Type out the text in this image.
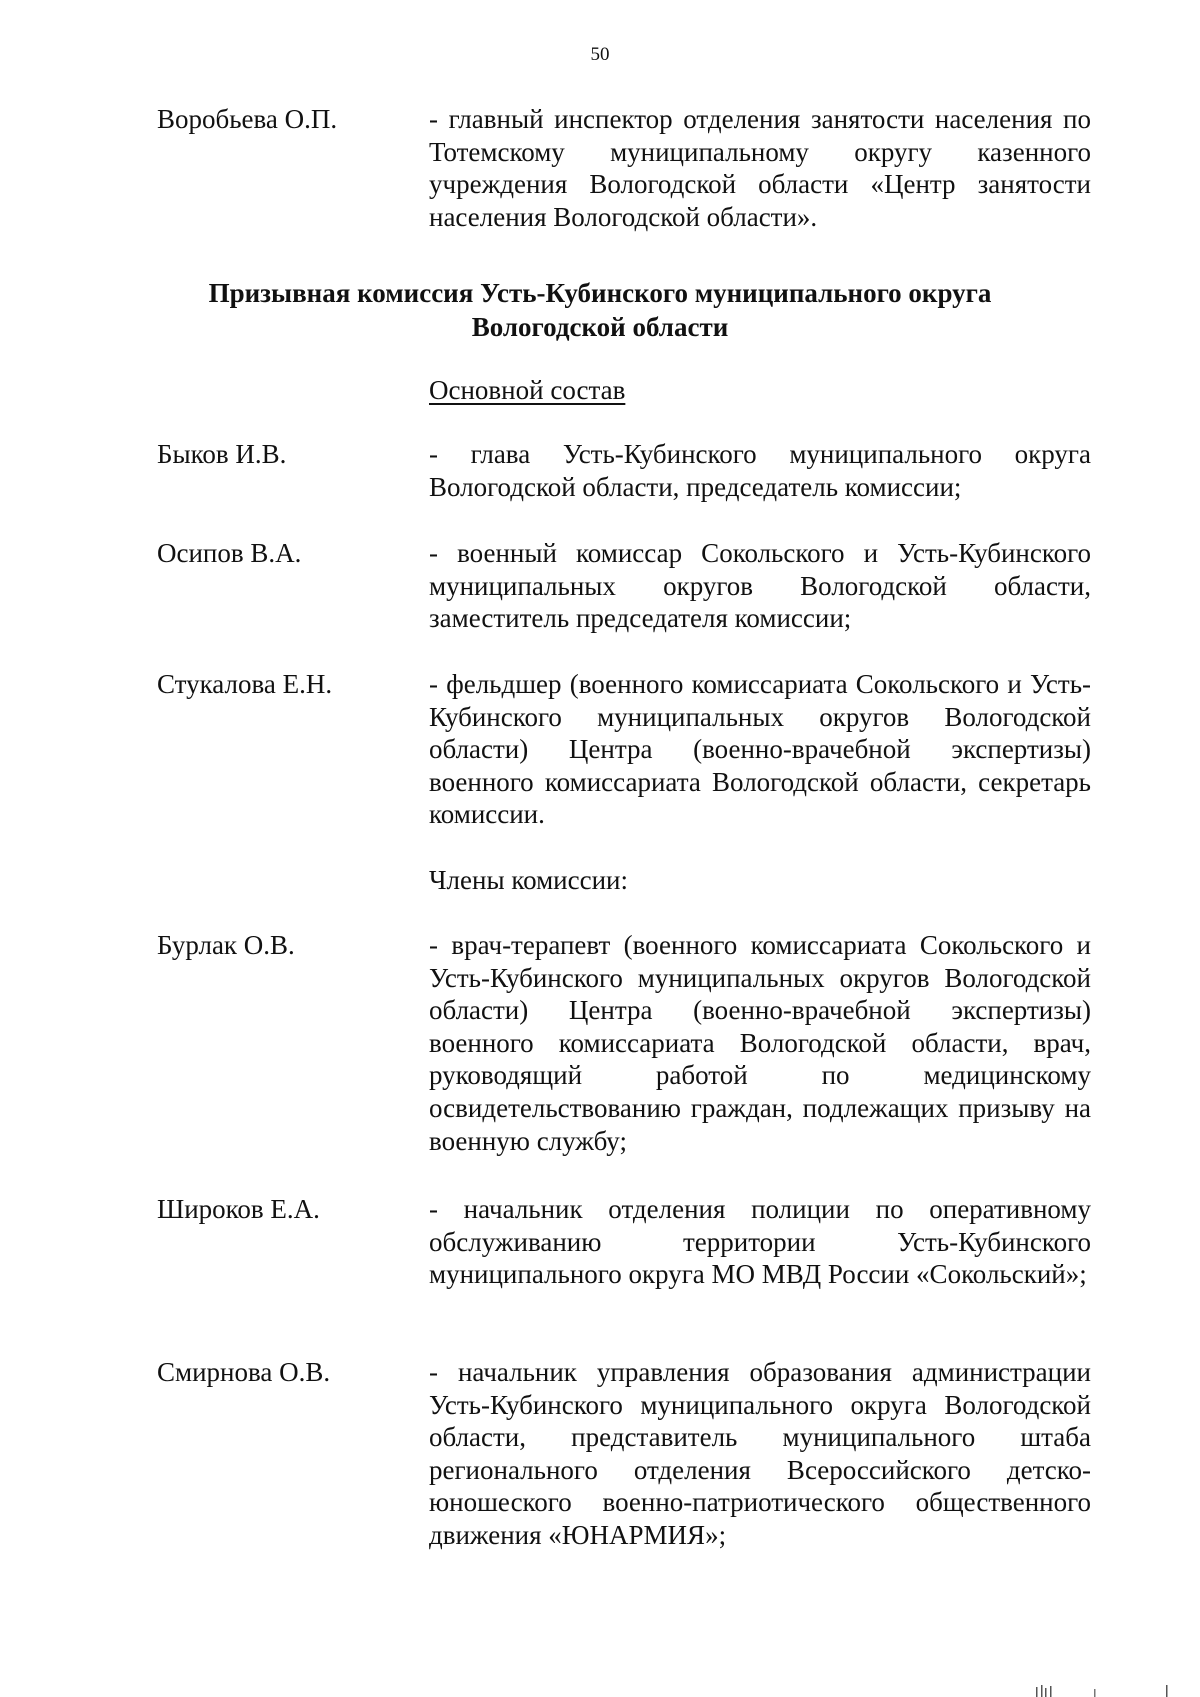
50
Воробьева О.П.	- главный инспектор отделения занятости населения по Тотемскому муниципальному округу казенного учреждения Вологодской области «Центр занятости населения Вологодской области».
Призывная комиссия Усть-Кубинского муниципального округа
Вологодской области
Основной состав
Быков И.В.	- глава Усть-Кубинского муниципального округа Вологодской области, председатель комиссии;
Осипов В.А.	- военный комиссар Сокольского и Усть-Кубинского муниципальных округов Вологодской области, заместитель председателя комиссии;
Стукалова Е.Н.	- фельдшер (военного комиссариата Сокольского и Усть-Кубинского муниципальных округов Вологодской области) Центра (военно-врачебной экспертизы) военного комиссариата Вологодской области, секретарь комиссии.
Члены комиссии:
Бурлак О.В.	- врач-терапевт (военного комиссариата Сокольского и Усть-Кубинского муниципальных округов Вологодской области) Центра (военно-врачебной экспертизы) военного комиссариата Вологодской области, врач, руководящий работой по медицинскому освидетельствованию граждан, подлежащих призыву на военную службу;
Широков Е.А.	- начальник отделения полиции по оперативному обслуживанию территории Усть-Кубинского муниципального округа МО МВД России «Сокольский»;
Смирнова О.В.	- начальник управления образования администрации Усть-Кубинского муниципального округа Вологодской области, представитель муниципального штаба регионального отделения Всероссийского детско-юношеского военно-патриотического общественного движения «ЮНАРМИЯ»;
